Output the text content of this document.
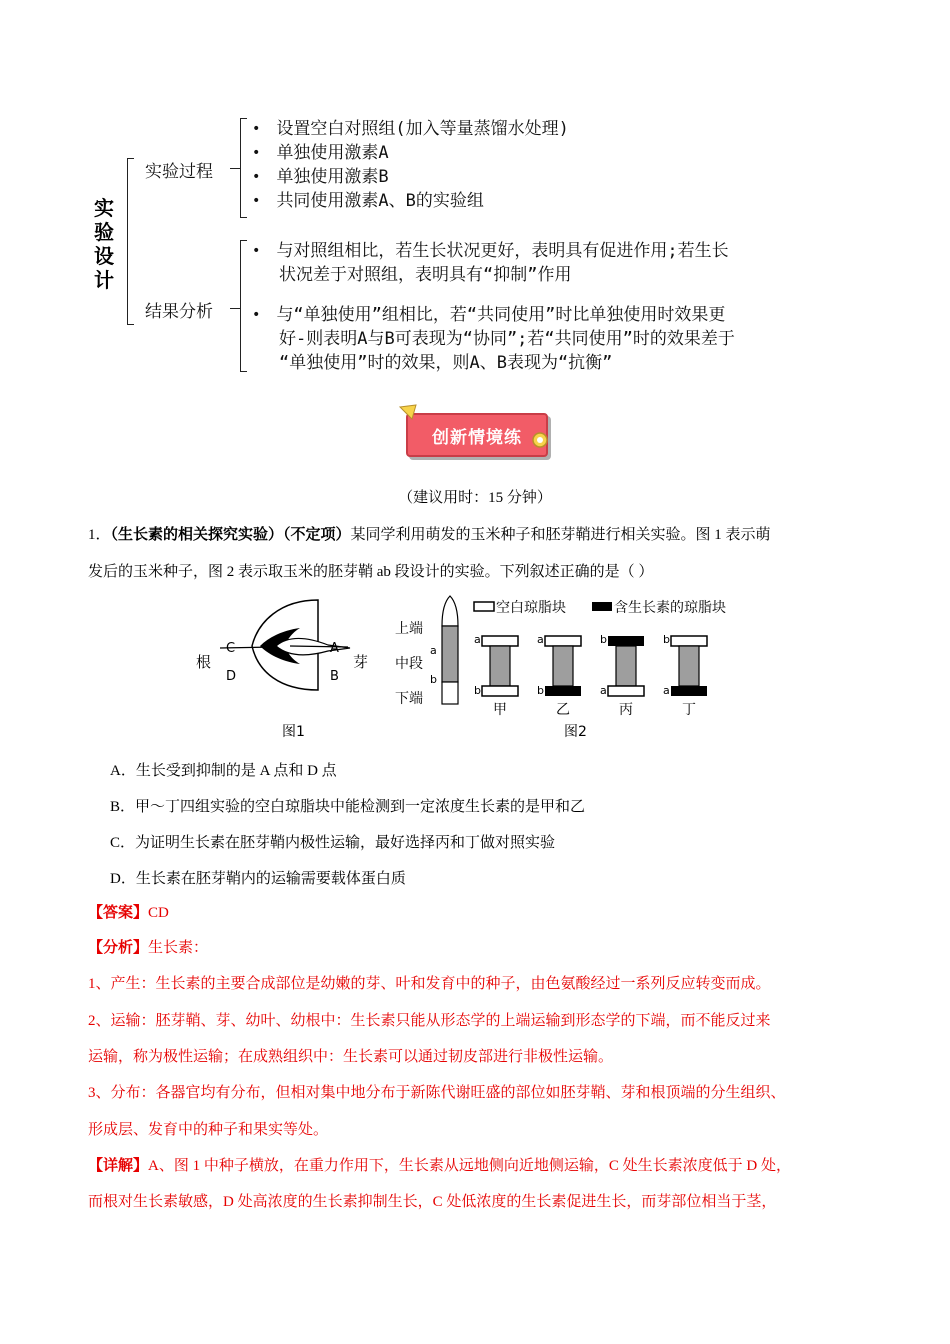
实验设计
实验过程
• 设置空白对照组(加入等量蒸馏水处理)
• 单独使用激素A
• 单独使用激素B
• 共同使用激素A、B的实验组
结果分析
• 与对照组相比，若生长状况更好，表明具有促进作用;若生长
状况差于对照组，表明具有“抑制”作用
• 与“单独使用”组相比，若“共同使用”时比单独使用时效果更
好-则表明A与B可表现为“协同”;若“共同使用”时的效果差于
“单独使用”时的效果，则A、B表现为“抗衡”
创新情境练
（建议用时：15 分钟）
1．（生长素的相关探究实验）（不定项）某同学利用萌发的玉米种子和胚芽鞘进行相关实验。图 1 表示萌
发后的玉米种子，图 2 表示取玉米的胚芽鞘 ab 段设计的实验。下列叙述正确的是（ ）
根	芽
C
D
A
B
图1
空白琼脂块	含生长素的琼脂块
上端
中段
下端
a
b
a
b
甲
a
b
乙
b
a
丙
b
a
丁
图2
A．生长受到抑制的是 A 点和 D 点
B．甲～丁四组实验的空白琼脂块中能检测到一定浓度生长素的是甲和乙
C．为证明生长素在胚芽鞘内极性运输，最好选择丙和丁做对照实验
D．生长素在胚芽鞘内的运输需要载体蛋白质
【答案】CD
【分析】生长素：
1、产生：生长素的主要合成部位是幼嫩的芽、叶和发育中的种子，由色氨酸经过一系列反应转变而成。
2、运输：胚芽鞘、芽、幼叶、幼根中：生长素只能从形态学的上端运输到形态学的下端，而不能反过来
运输，称为极性运输；在成熟组织中：生长素可以通过韧皮部进行非极性运输。
3、分布：各器官均有分布，但相对集中地分布于新陈代谢旺盛的部位如胚芽鞘、芽和根顶端的分生组织、
形成层、发育中的种子和果实等处。
【详解】A、图 1 中种子横放，在重力作用下，生长素从远地侧向近地侧运输，C 处生长素浓度低于 D 处，
而根对生长素敏感，D 处高浓度的生长素抑制生长，C 处低浓度的生长素促进生长，而芽部位相当于茎，
